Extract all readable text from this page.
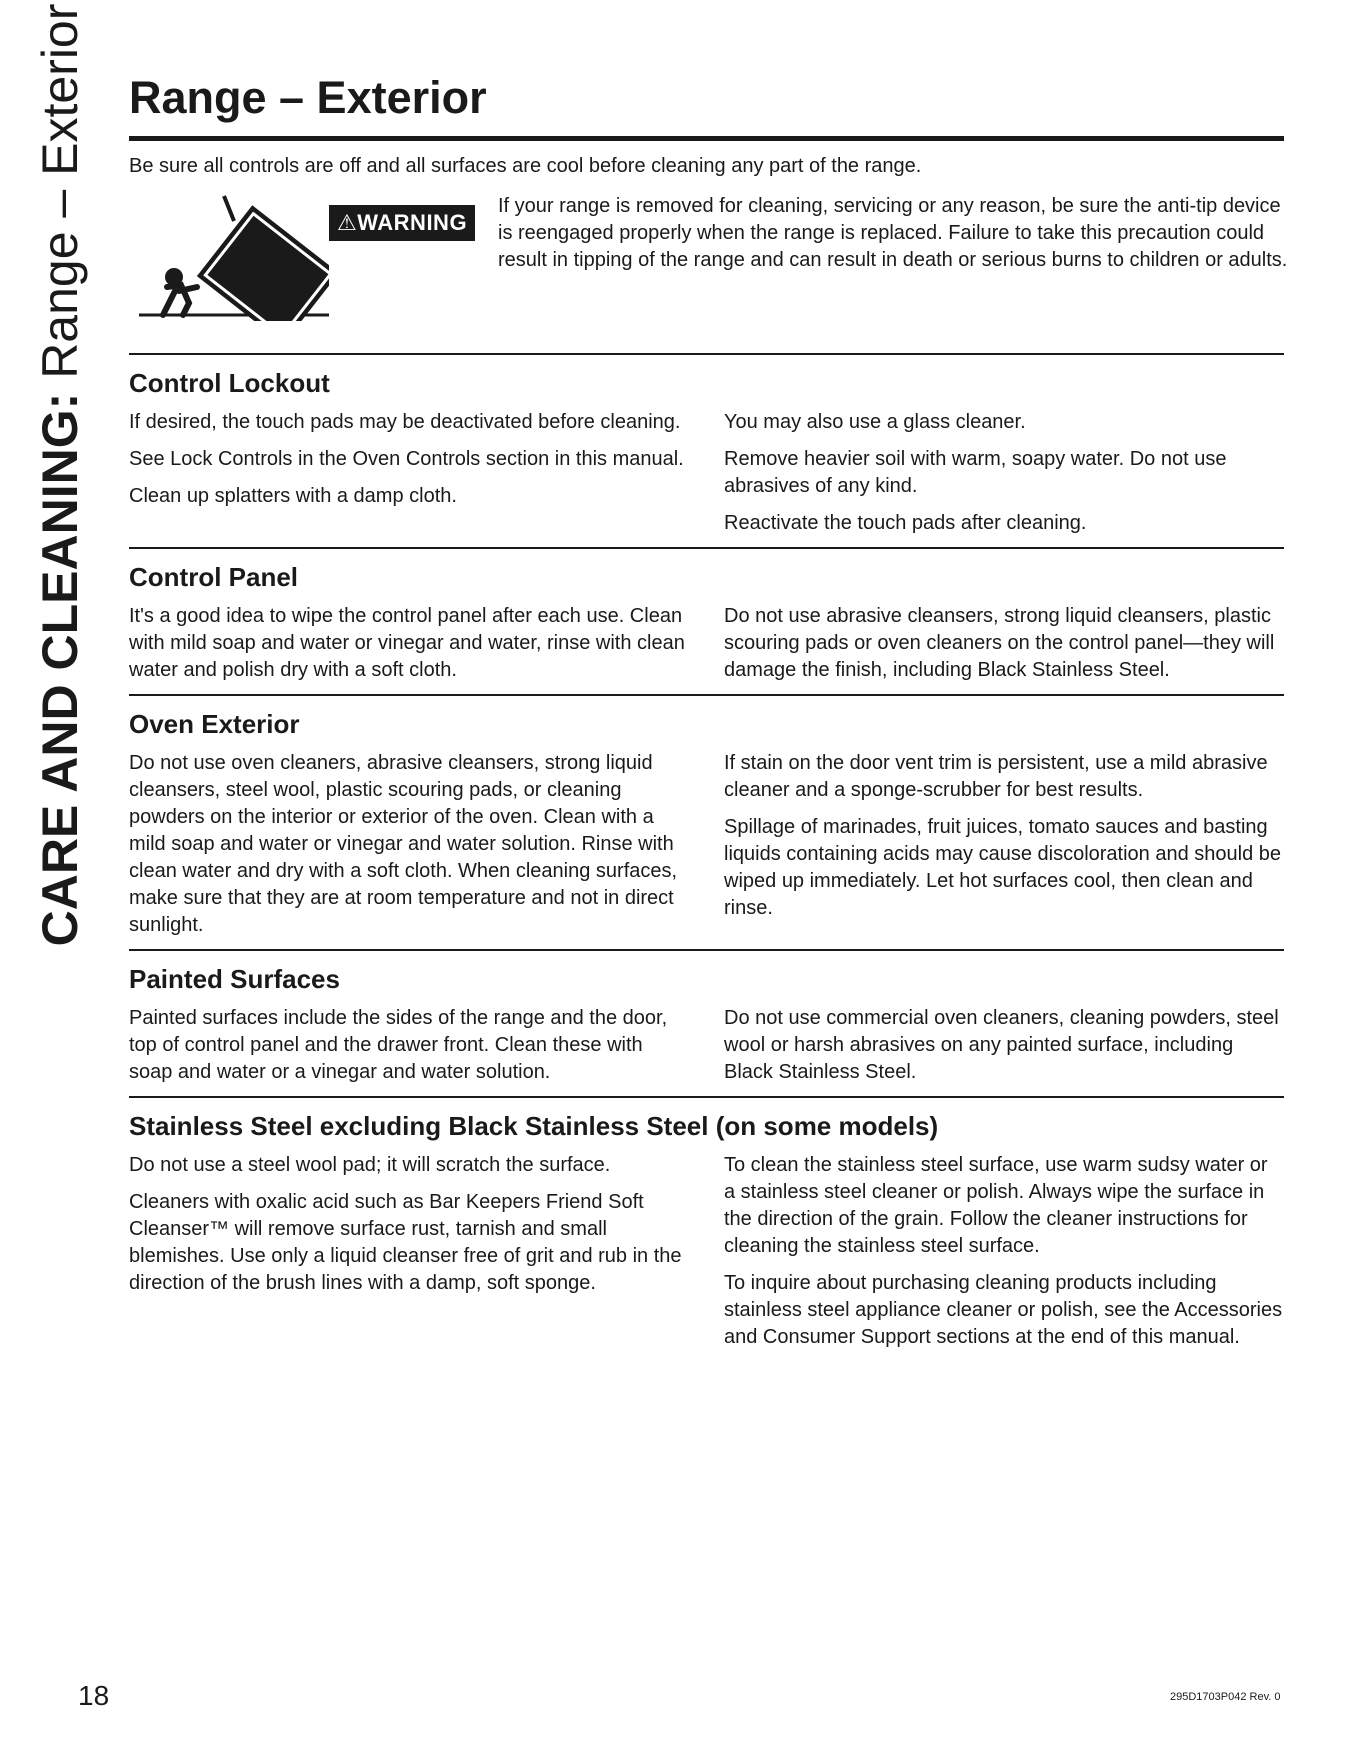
CARE AND CLEANING: Range – Exterior Range – Exterior

Be sure all controls are off and all surfaces are cool before cleaning any part of the range.

⚠WARNING
If your range is removed for cleaning, servicing or any reason, be sure the anti-tip device is reengaged properly when the range is replaced. Failure to take this precaution could result in tipping of the range and can result in death or serious burns to children or adults.
Control Lockout

If desired, the touch pads may be deactivated before cleaning.

See Lock Controls in the Oven Controls section in this manual.

Clean up splatters with a damp cloth.

You may also use a glass cleaner.

Remove heavier soil with warm, soapy water. Do not use abrasives of any kind.

Reactivate the touch pads after cleaning.

Control Panel

It's a good idea to wipe the control panel after each use. Clean with mild soap and water or vinegar and water, rinse with clean water and polish dry with a soft cloth.

Do not use abrasive cleansers, strong liquid cleansers, plastic scouring pads or oven cleaners on the control panel—they will damage the finish, including Black Stainless Steel.

Oven Exterior

Do not use oven cleaners, abrasive cleansers, strong liquid cleansers, steel wool, plastic scouring pads, or cleaning powders on the interior or exterior of the oven. Clean with a mild soap and water or vinegar and water solution. Rinse with clean water and dry with a soft cloth. When cleaning surfaces, make sure that they are at room temperature and not in direct sunlight.

If stain on the door vent trim is persistent, use a mild abrasive cleaner and a sponge-scrubber for best results.

Spillage of marinades, fruit juices, tomato sauces and basting liquids containing acids may cause discoloration and should be wiped up immediately. Let hot surfaces cool, then clean and rinse.

Painted Surfaces

Painted surfaces include the sides of the range and the door, top of control panel and the drawer front. Clean these with soap and water or a vinegar and water solution.

Do not use commercial oven cleaners, cleaning powders, steel wool or harsh abrasives on any painted surface, including Black Stainless Steel.

Stainless Steel excluding Black Stainless Steel (on some models)

Do not use a steel wool pad; it will scratch the surface.

Cleaners with oxalic acid such as Bar Keepers Friend Soft Cleanser™ will remove surface rust, tarnish and small blemishes. Use only a liquid cleanser free of grit and rub in the direction of the brush lines with a damp, soft sponge.

To clean the stainless steel surface, use warm sudsy water or a stainless steel cleaner or polish. Always wipe the surface in the direction of the grain. Follow the cleaner instructions for cleaning the stainless steel surface.

To inquire about purchasing cleaning products including stainless steel appliance cleaner or polish, see the Accessories and Consumer Support sections at the end of this manual.

18	295D1703P042 Rev. 0
